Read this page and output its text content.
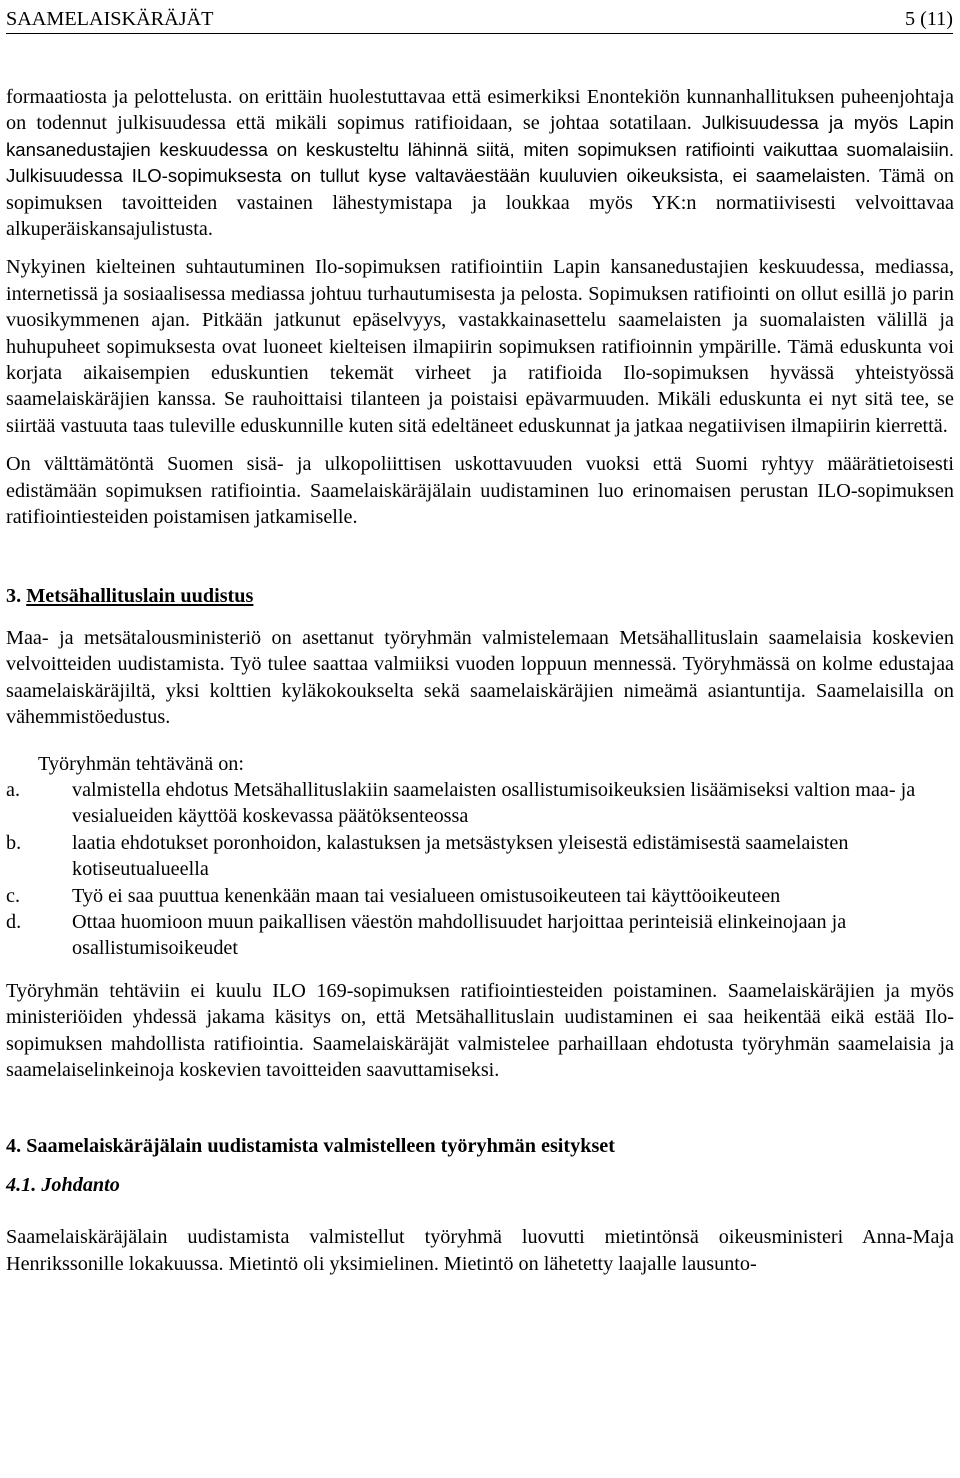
SAAMELAISKÄRÄJÄT	5 (11)

formaatiosta ja pelottelusta. on erittäin huolestuttavaa että esimerkiksi Enontekiön kunnanhallituksen puheenjohtaja on todennut julkisuudessa että mikäli sopimus ratifioidaan, se johtaa sotatilaan. Julkisuudessa ja myös Lapin kansanedustajien keskuudessa on keskusteltu lähinnä siitä, miten sopimuksen ratifiointi vaikuttaa suomalaisiin. Julkisuudessa ILO-sopimuksesta on tullut kyse valtaväestään kuuluvien oikeuksista, ei saamelaisten. Tämä on sopimuksen tavoitteiden vastainen lähestymistapa ja loukkaa myös YK:n normatiivisesti velvoittavaa alkuperäiskansajulistusta.

Nykyinen kielteinen suhtautuminen Ilo-sopimuksen ratifiointiin Lapin kansanedustajien keskuudessa, mediassa, internetissä ja sosiaalisessa mediassa johtuu turhautumisesta ja pelosta. Sopimuksen ratifiointi on ollut esillä jo parin vuosikymmenen ajan. Pitkään jatkunut epäselvyys, vastakkainasettelu saamelaisten ja suomalaisten välillä ja huhupuheet sopimuksesta ovat luoneet kielteisen ilmapiirin sopimuksen ratifioinnin ympärille. Tämä eduskunta voi korjata aikaisempien eduskuntien tekemät virheet ja ratifioida Ilo-sopimuksen hyvässä yhteistyössä saamelaiskäräjien kanssa. Se rauhoittaisi tilanteen ja poistaisi epävarmuuden. Mikäli eduskunta ei nyt sitä tee, se siirtää vastuuta taas tuleville eduskunnille kuten sitä edeltäneet eduskunnat ja jatkaa negatiivisen ilmapiirin kierrettä.

On välttämätöntä Suomen sisä- ja ulkopoliittisen uskottavuuden vuoksi että Suomi ryhtyy määrätietoisesti edistämään sopimuksen ratifiointia. Saamelaiskäräjälain uudistaminen luo erinomaisen perustan ILO-sopimuksen ratifiointiesteiden poistamisen jatkamiselle.

3. Metsähallituslain uudistus

Maa- ja metsätalousministeriö on asettanut työryhmän valmistelemaan Metsähallituslain saamelaisia koskevien velvoitteiden uudistamista. Työ tulee saattaa valmiiksi vuoden loppuun mennessä. Työryhmässä on kolme edustajaa saamelaiskäräjiltä, yksi kolttien kyläkokoukselta sekä saamelaiskäräjien nimeämä asiantuntija. Saamelaisilla on vähemmistöedustus.

Työryhmän tehtävänä on:
a.	valmistella ehdotus Metsähallituslakiin saamelaisten osallistumisoikeuksien lisäämiseksi valtion maa- ja vesialueiden käyttöä koskevassa päätöksenteossa
b.	laatia ehdotukset poronhoidon, kalastuksen ja metsästyksen yleisestä edistämisestä saamelaisten kotiseutualueella
c.	Työ ei saa puuttua kenenkään maan tai vesialueen omistusoikeuteen tai käyttöoikeuteen
d.	Ottaa huomioon muun paikallisen väestön mahdollisuudet harjoittaa perinteisiä elinkeinojaan ja osallistumisoikeudet

Työryhmän tehtäviin ei kuulu ILO 169-sopimuksen ratifiointiesteiden poistaminen. Saamelaiskäräjien ja myös ministeriöiden yhdessä jakama käsitys on, että Metsähallituslain uudistaminen ei saa heikentää eikä estää Ilo-sopimuksen mahdollista ratifiointia. Saamelaiskäräjät valmistelee parhaillaan ehdotusta työryhmän saamelaisia ja saamelaiselinkeinoja koskevien tavoitteiden saavuttamiseksi.

4. Saamelaiskäräjälain uudistamista valmistelleen työryhmän esitykset
4.1. Johdanto

Saamelaiskäräjälain uudistamista valmistellut työryhmä luovutti mietintönsä oikeusministeri Anna-Maja Henrikssonille lokakuussa. Mietintö oli yksimielinen. Mietintö on lähetetty laajalle lausunto-
